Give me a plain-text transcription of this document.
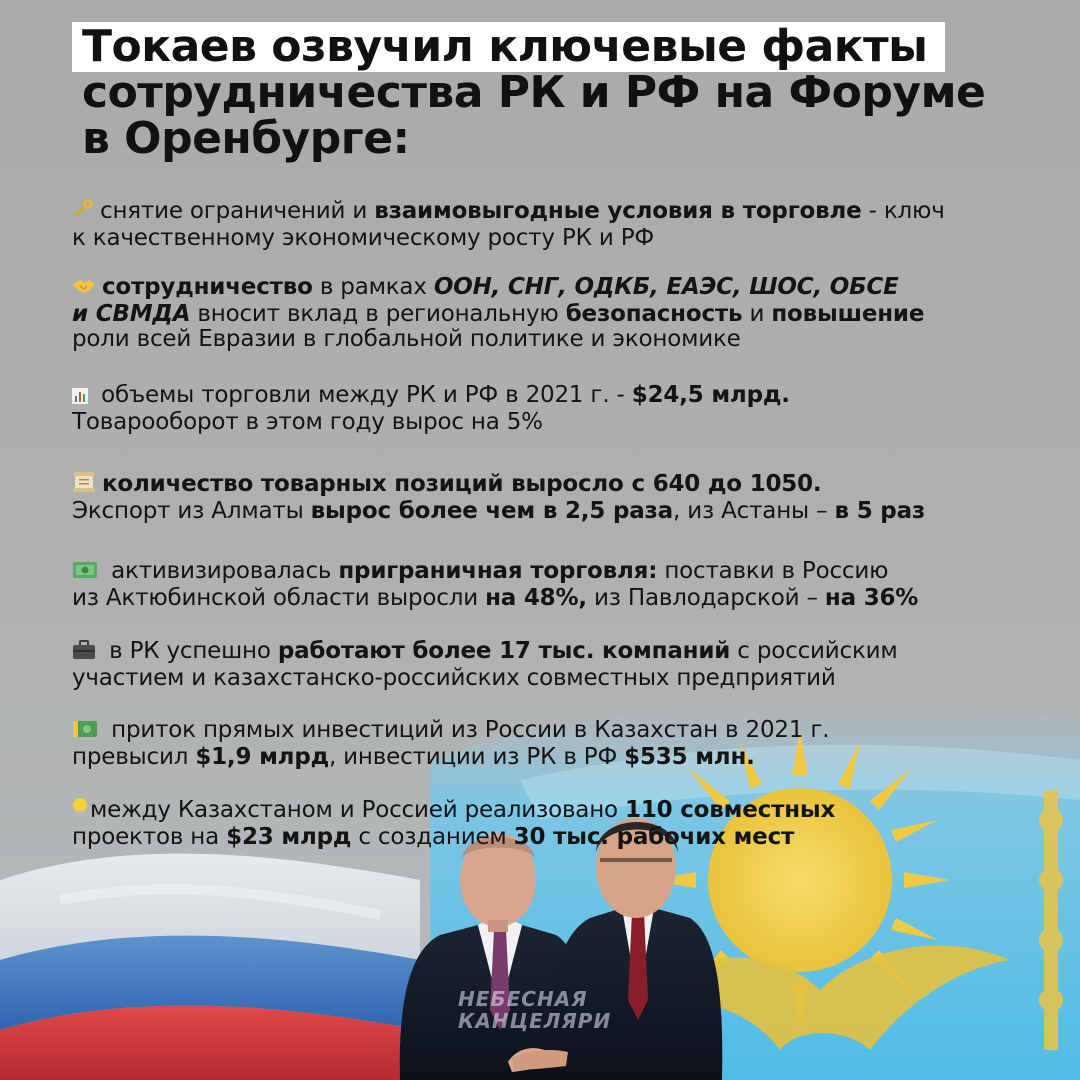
Токаев озвучил ключевые факты
сотрудничества РК и РФ на Форуме
в Оренбурге:
снятие ограничений и взаимовыгодные условия в торговле - ключ
к качественному экономическому росту РК и РФ
сотрудничество в рамках ООН, СНГ, ОДКБ, ЕАЭС, ШОС, ОБСЕ
и СВМДА вносит вклад в региональную безопасность и повышение
роли всей Евразии в глобальной политике и экономике
объемы торговли между РК и РФ в 2021 г. - $24,5 млрд.
Товарооборот в этом году вырос на 5%
количество товарных позиций выросло с 640 до 1050.
Экспорт из Алматы вырос более чем в 2,5 раза, из Астаны – в 5 раз
активизировалась приграничная торговля: поставки в Россию
из Актюбинской области выросли на 48%, из Павлодарской – на 36%
в РК успешно работают более 17 тыс. компаний с российским
участием и казахстанско-российских совместных предприятий
приток прямых инвестиций из России в Казахстан в 2021 г.
превысил $1,9 млрд, инвестиции из РК в РФ $535 млн.
между Казахстаном и Россией реализовано 110 совместных
проектов на $23 млрд с созданием 30 тыс. рабочих мест
НЕБЕСНАЯ
КАНЦЕЛЯРИ
